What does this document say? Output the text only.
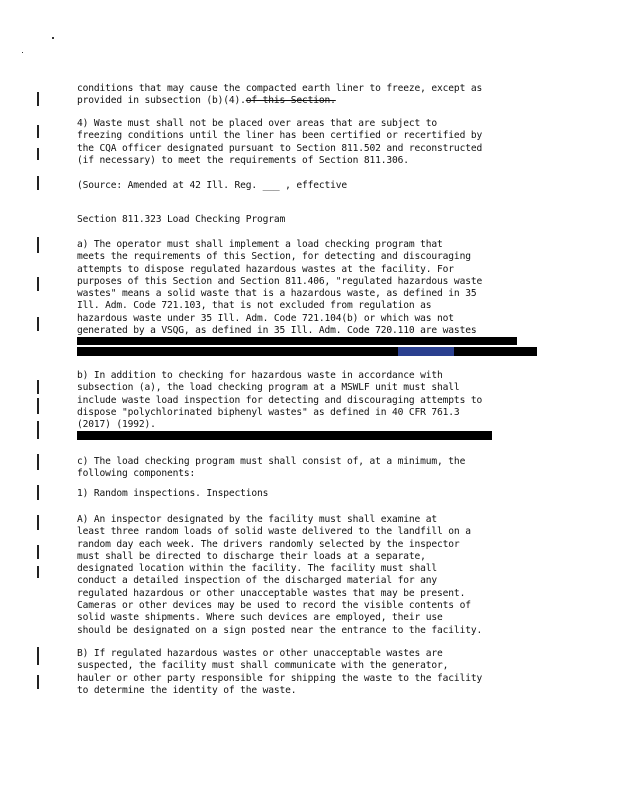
conditions that may cause the compacted earth liner to freeze, except as
provided in subsection (b)(4).of this Section.
4) Waste must shall not be placed over areas that are subject to
freezing conditions until the liner has been certified or recertified by
the CQA officer designated pursuant to Section 811.502 and reconstructed
(if necessary) to meet the requirements of Section 811.306.
(Source: Amended at 42 Ill. Reg. ___ , effective
Section 811.323 Load Checking Program
a) The operator must shall implement a load checking program that
meets the requirements of this Section, for detecting and discouraging
attempts to dispose regulated hazardous wastes at the facility. For
purposes of this Section and Section 811.406, "regulated hazardous waste
wastes" means a solid waste that is a hazardous waste, as defined in 35
Ill. Adm. Code 721.103, that is not excluded from regulation as
hazardous waste under 35 Ill. Adm. Code 721.104(b) or which was not
generated by a VSQG, as defined in 35 Ill. Adm. Code 720.110 are wastes
b) In addition to checking for hazardous waste in accordance with
subsection (a), the load checking program at a MSWLF unit must shall
include waste load inspection for detecting and discouraging attempts to
dispose "polychlorinated biphenyl wastes" as defined in 40 CFR 761.3
(2017) (1992).
c) The load checking program must shall consist of, at a minimum, the
following components:
1) Random inspections. Inspections
A) An inspector designated by the facility must shall examine at
least three random loads of solid waste delivered to the landfill on a
random day each week. The drivers randomly selected by the inspector
must shall be directed to discharge their loads at a separate,
designated location within the facility. The facility must shall
conduct a detailed inspection of the discharged material for any
regulated hazardous or other unacceptable wastes that may be present.
Cameras or other devices may be used to record the visible contents of
solid waste shipments. Where such devices are employed, their use
should be designated on a sign posted near the entrance to the facility.
B) If regulated hazardous wastes or other unacceptable wastes are
suspected, the facility must shall communicate with the generator,
hauler or other party responsible for shipping the waste to the facility
to determine the identity of the waste.
